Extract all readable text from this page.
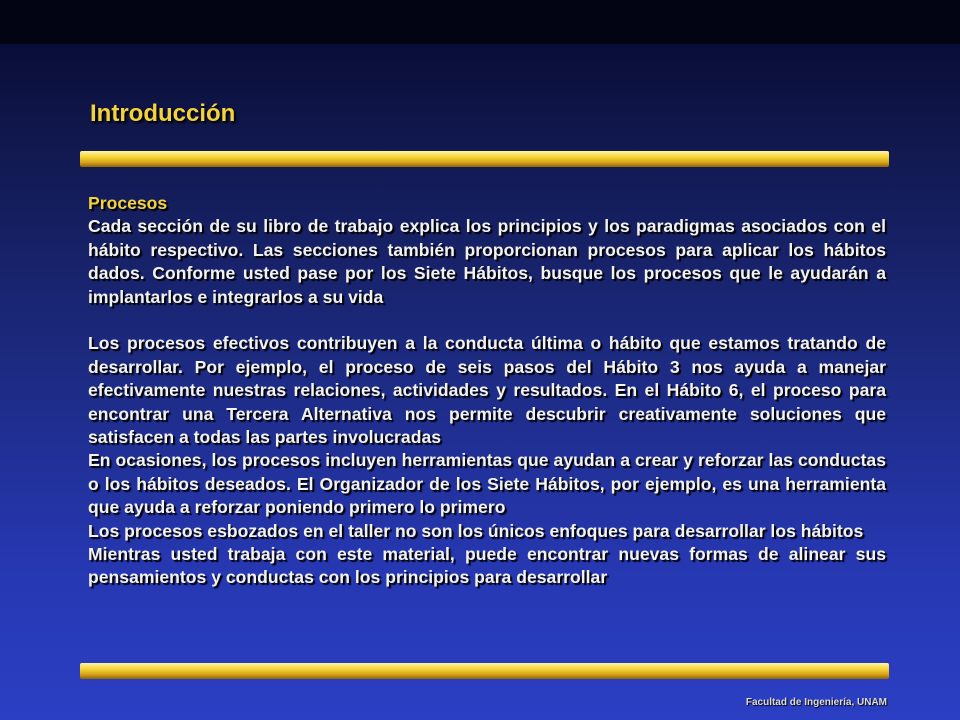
Introducción

Procesos

Cada sección de su libro de trabajo explica los principios y los paradigmas asociados con el hábito respectivo. Las secciones también proporcionan procesos para aplicar los hábitos dados. Conforme usted pase por los Siete Hábitos, busque los procesos que le ayudarán a implantarlos e integrarlos a su vida

Los procesos efectivos contribuyen a la conducta última o hábito que estamos tratando de desarrollar. Por ejemplo, el proceso de seis pasos del Hábito 3 nos ayuda a manejar efectivamente nuestras relaciones, actividades y resultados. En el Hábito 6, el proceso para encontrar una Tercera Alternativa nos permite descubrir creativamente soluciones que satisfacen a todas las partes involucradas

En ocasiones, los procesos incluyen herramientas que ayudan a crear y reforzar las conductas o los hábitos deseados. El Organizador de los Siete Hábitos, por ejemplo, es una herramienta que ayuda a reforzar poniendo primero lo primero

Los procesos esbozados en el taller no son los únicos enfoques para desarrollar los hábitos

Mientras usted trabaja con este material, puede encontrar nuevas formas de alinear sus pensamientos y conductas con los principios para desarrollar

Facultad de Ingeniería, UNAM
